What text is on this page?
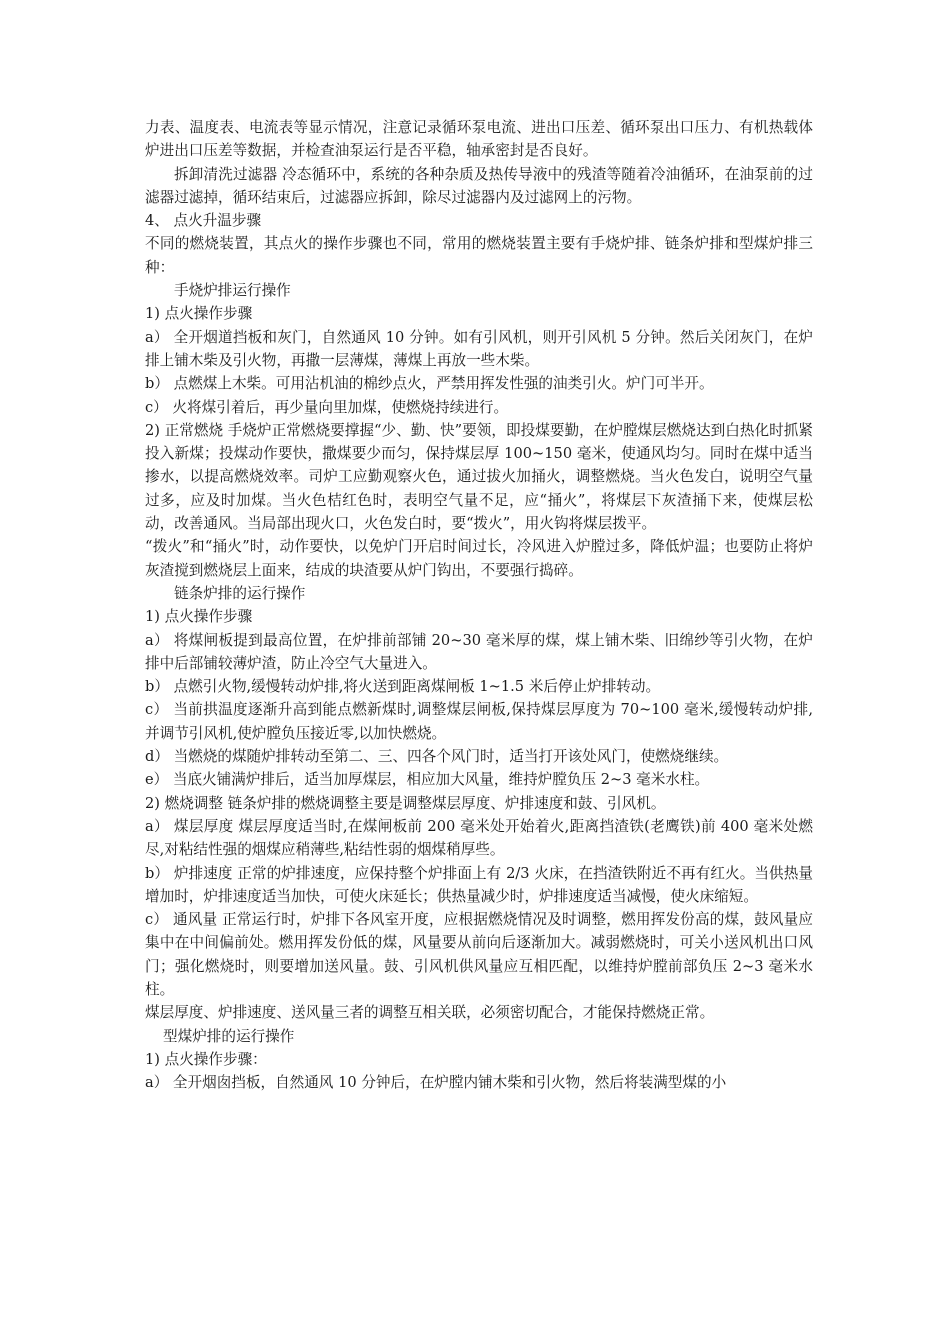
力表、温度表、电流表等显示情况，注意记录循环泵电流、进出口压差、循环泵出口压力、有机热载体炉进出口压差等数据，并检查油泵运行是否平稳，轴承密封是否良好。

拆卸清洗过滤器 冷态循环中，系统的各种杂质及热传导液中的残渣等随着冷油循环，在油泵前的过滤器过滤掉，循环结束后，过滤器应拆卸，除尽过滤器内及过滤网上的污物。

4、 点火升温步骤

不同的燃烧装置，其点火的操作步骤也不同，常用的燃烧装置主要有手烧炉排、链条炉排和型煤炉排三种：

手烧炉排运行操作

1) 点火操作步骤

a） 全开烟道挡板和灰门，自然通风 10 分钟。如有引风机，则开引风机 5 分钟。然后关闭灰门，在炉排上铺木柴及引火物，再撒一层薄煤，薄煤上再放一些木柴。

b） 点燃煤上木柴。可用沾机油的棉纱点火，严禁用挥发性强的油类引火。炉门可半开。

c） 火将煤引着后，再少量向里加煤，使燃烧持续进行。

2) 正常燃烧 手烧炉正常燃烧要撑握“少、勤、快”要领，即投煤要勤，在炉膛煤层燃烧达到白热化时抓紧投入新煤；投煤动作要快，撒煤要少而匀，保持煤层厚 100~150 毫米，使通风均匀。同时在煤中适当掺水，以提高燃烧效率。司炉工应勤观察火色，通过拔火加捅火，调整燃烧。当火色发白，说明空气量过多，应及时加煤。当火色桔红色时，表明空气量不足，应“捅火”，将煤层下灰渣捅下来，使煤层松动，改善通风。当局部出现火口，火色发白时，要“拨火”，用火钩将煤层拨平。

“拨火”和“捅火”时，动作要快，以免炉门开启时间过长，冷风进入炉膛过多，降低炉温；也要防止将炉灰渣搅到燃烧层上面来，结成的块渣要从炉门钩出，不要强行捣碎。

链条炉排的运行操作

1) 点火操作步骤

a） 将煤闸板提到最高位置，在炉排前部铺 20~30 毫米厚的煤，煤上铺木柴、旧绵纱等引火物，在炉排中后部铺较薄炉渣，防止冷空气大量进入。

b） 点燃引火物,缓慢转动炉排,将火送到距离煤闸板 1~1.5 米后停止炉排转动。

c） 当前拱温度逐渐升高到能点燃新煤时,调整煤层闸板,保持煤层厚度为 70~100 毫米,缓慢转动炉排,并调节引风机,使炉膛负压接近零,以加快燃烧。

d） 当燃烧的煤随炉排转动至第二、三、四各个风门时，适当打开该处风门，使燃烧继续。

e） 当底火铺满炉排后，适当加厚煤层，相应加大风量，维持炉膛负压 2~3 毫米水柱。

2) 燃烧调整 链条炉排的燃烧调整主要是调整煤层厚度、炉排速度和鼓、引风机。

a） 煤层厚度 煤层厚度适当时,在煤闸板前 200 毫米处开始着火,距离挡渣铁(老鹰铁)前 400 毫米处燃尽,对粘结性强的烟煤应稍薄些,粘结性弱的烟煤稍厚些。

b） 炉排速度 正常的炉排速度，应保持整个炉排面上有 2/3 火床，在挡渣铁附近不再有红火。当供热量增加时，炉排速度适当加快，可使火床延长；供热量减少时，炉排速度适当减慢，使火床缩短。

c） 通风量 正常运行时，炉排下各风室开度，应根据燃烧情况及时调整，燃用挥发份高的煤，鼓风量应集中在中间偏前处。燃用挥发份低的煤，风量要从前向后逐渐加大。减弱燃烧时，可关小送风机出口风门；强化燃烧时，则要增加送风量。鼓、引风机供风量应互相匹配，以维持炉膛前部负压 2~3 毫米水柱。

煤层厚度、炉排速度、送风量三者的调整互相关联，必须密切配合，才能保持燃烧正常。

型煤炉排的运行操作

1) 点火操作步骤：

a） 全开烟囱挡板，自然通风 10 分钟后，在炉膛内铺木柴和引火物，然后将装满型煤的小
